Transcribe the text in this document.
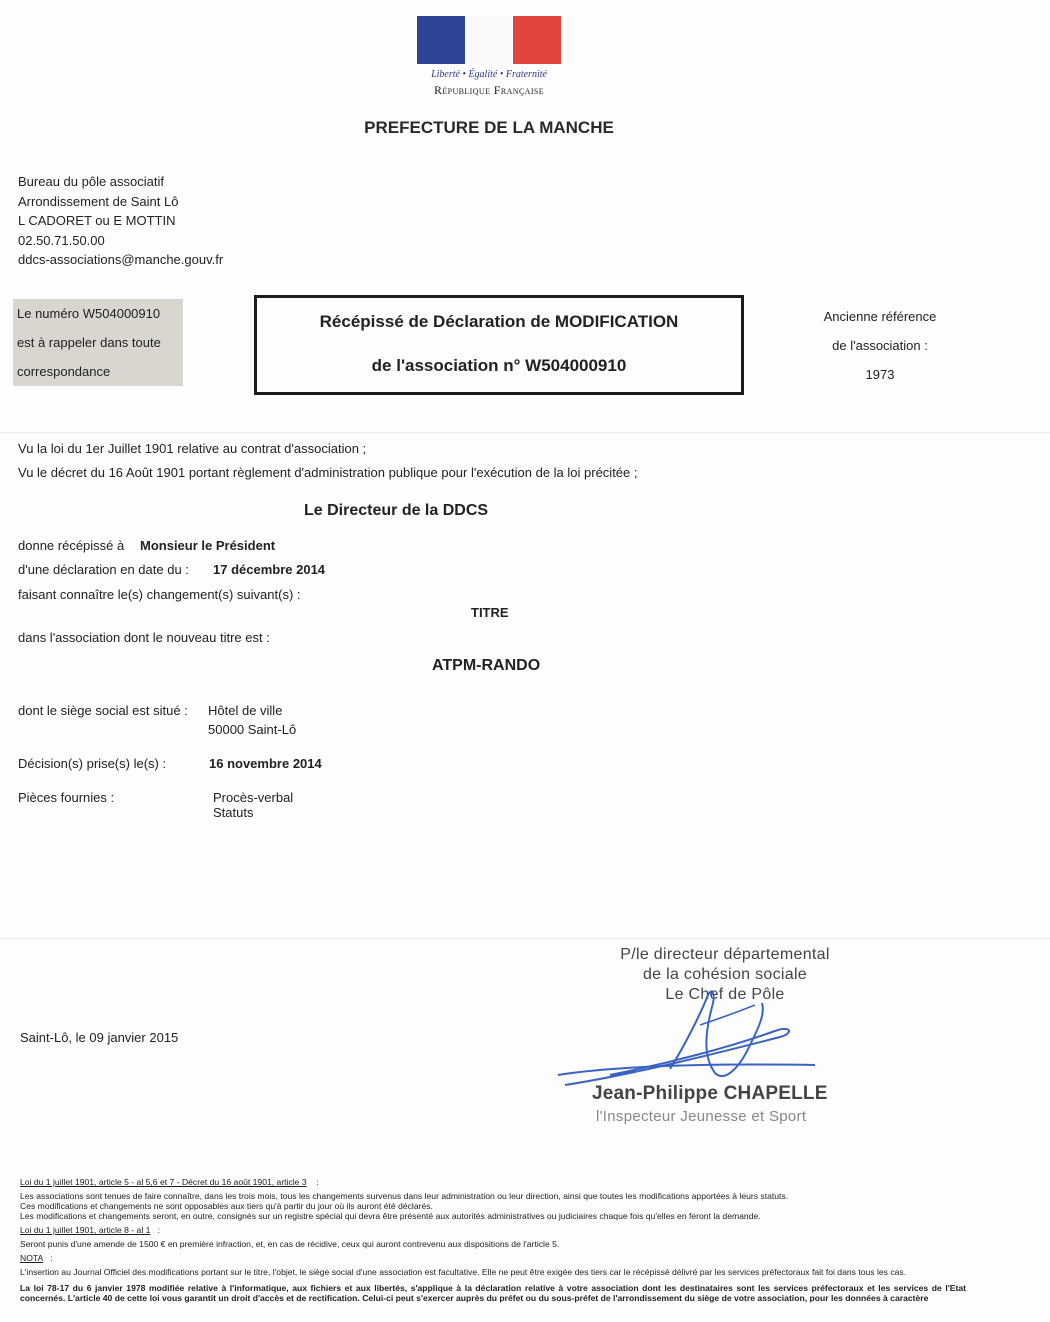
Liberté • Égalité • Fraternité
République Française
PREFECTURE DE LA MANCHE
Bureau du pôle associatif
Arrondissement de Saint Lô
L CADORET ou E MOTTIN
02.50.71.50.00
ddcs-associations@manche.gouv.fr
Le numéro W504000910
est à rappeler dans toute
correspondance
Récépissé de Déclaration de MODIFICATION
de l'association n° W504000910
Ancienne référence
de l'association :
1973
Vu la loi du 1er Juillet 1901 relative au contrat d'association ;
Vu le décret du 16 Août 1901 portant règlement d'administration publique pour l'exécution de la loi précitée ;
Le Directeur de la DDCS
donne récépissé à Monsieur le Président
d'une déclaration en date du : 17 décembre 2014
faisant connaître le(s) changement(s) suivant(s) :
TITRE
dans l'association dont le nouveau titre est :
ATPM-RANDO
dont le siège social est situé : Hôtel de ville
50000 Saint-Lô
Décision(s) prise(s) le(s) :	16 novembre 2014
Pièces fournies :	Procès-verbal
Statuts
Saint-Lô, le 09 janvier 2015
P/le directeur départemental
de la cohésion sociale
Le Chef de Pôle
Jean-Philippe CHAPELLE
l'Inspecteur Jeunesse et Sport
Loi du 1 juillet 1901, article 5 - al 5,6 et 7 - Décret du 16 août 1901, article 3 :
Les associations sont tenues de faire connaître, dans les trois mois, tous les changements survenus dans leur administration ou leur direction, ainsi que toutes les modifications apportées à leurs statuts.
Ces modifications et changements ne sont opposables aux tiers qu'à partir du jour où ils auront été déclarés.
Les modifications et changements seront, en outre, consignés sur un registre spécial qui devra être présenté aux autorités administratives ou judiciaires chaque fois qu'elles en feront la demande.
Loi du 1 juillet 1901, article 8 - al 1 :
Seront punis d'une amende de 1500 € en première infraction, et, en cas de récidive, ceux qui auront contrevenu aux dispositions de l'article 5.
NOTA :
L'insertion au Journal Officiel des modifications portant sur le titre, l'objet, le siège social d'une association est facultative. Elle ne peut être exigée des tiers car le récépissé délivré par les services préfectoraux fait foi dans tous les cas.
La loi 78-17 du 6 janvier 1978 modifiée relative à l'informatique, aux fichiers et aux libertés, s'applique à la déclaration relative à votre association dont les destinataires sont les services préfectoraux et les services de l'Etat concernés. L'article 40 de cette loi vous garantit un droit d'accès et de rectification. Celui-ci peut s'exercer auprès du préfet ou du sous-préfet de l'arrondissement du siège de votre association, pour les données à caractère
